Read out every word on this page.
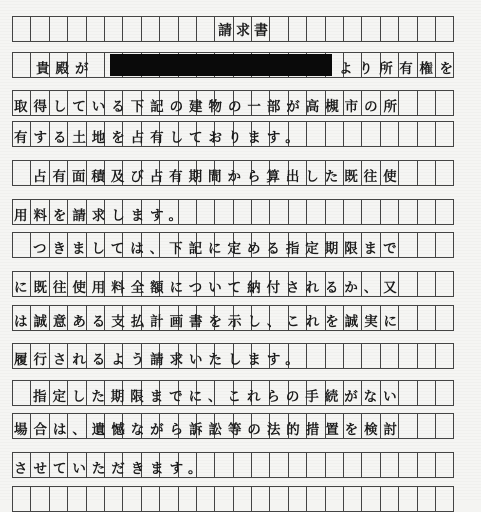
請求書
貴殿が	より所有権を
取得している下記の建物の一部が高槻市の所
有する土地を占有しております。
占有面積及び占有期間から算出した既往使
用料を請求します。
つきましては、下記に定める指定期限まで
に既往使用料全額について納付されるか、又
は誠意ある支払計画書を示し、これを誠実に
履行されるよう請求いたします。
指定した期限までに、これらの手続がない
場合は、遺憾ながら訴訟等の法的措置を検討
させていただきます。
